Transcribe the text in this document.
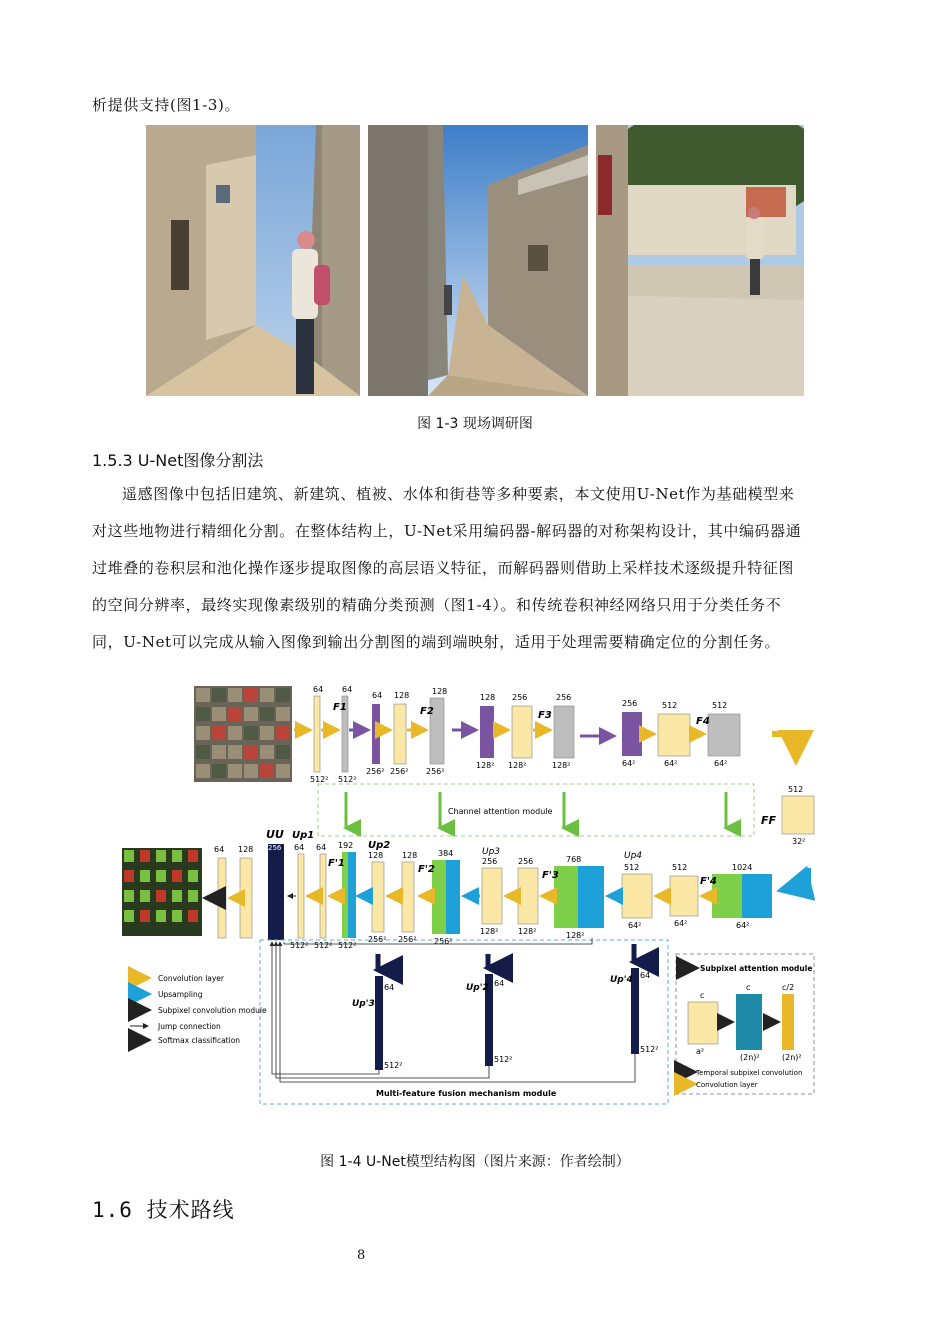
析提供支持(图1-3)。
图 1-3 现场调研图
1.5.3 U-Net图像分割法
遥感图像中包括旧建筑、新建筑、植被、水体和街巷等多种要素，本文使用U-Net作为基础模型来
对这些地物进行精细化分割。在整体结构上，U-Net采用编码器-解码器的对称架构设计，其中编码器通
过堆叠的卷积层和池化操作逐步提取图像的高层语义特征，而解码器则借助上采样技术逐级提升特征图
的空间分辨率，最终实现像素级别的精确分类预测（图1-4）。和传统卷积神经网络只用于分类任务不
同，U-Net可以完成从输入图像到输出分割图的端到端映射，适用于处理需要精确定位的分割任务。
64
512²
F1
64
512²
64
256²
128
256²
F2
128
256²
128
128²
256
128²
F3
256
128²
256
64²
512
64²
F4
512
64²
Channel attention module
FF
512
32²
1024
64²
F'4
512
64²
Up4
512
64²
768
128²
F'3
256
128²
Up3
256
128²
384
256²
F'2
128
256²
Up2
128
256²
192
512²
F'1
64
512²
Up1
64
512²
UU
256
128
64
Up'3
64
512²
Up'2 64
512²
Up'4 64
512²
Multi-feature fusion mechanism module
Convolution layer
Upsampling
Subpixel convolution module
Jump connection
Softmax classification
Subpixel attention module
c
a²
c
(2n)²
c/2
(2n)²
Temporal subpixel convolution
Convolution layer
图 1-4 U-Net模型结构图（图片来源：作者绘制）
1.6 技术路线
8
